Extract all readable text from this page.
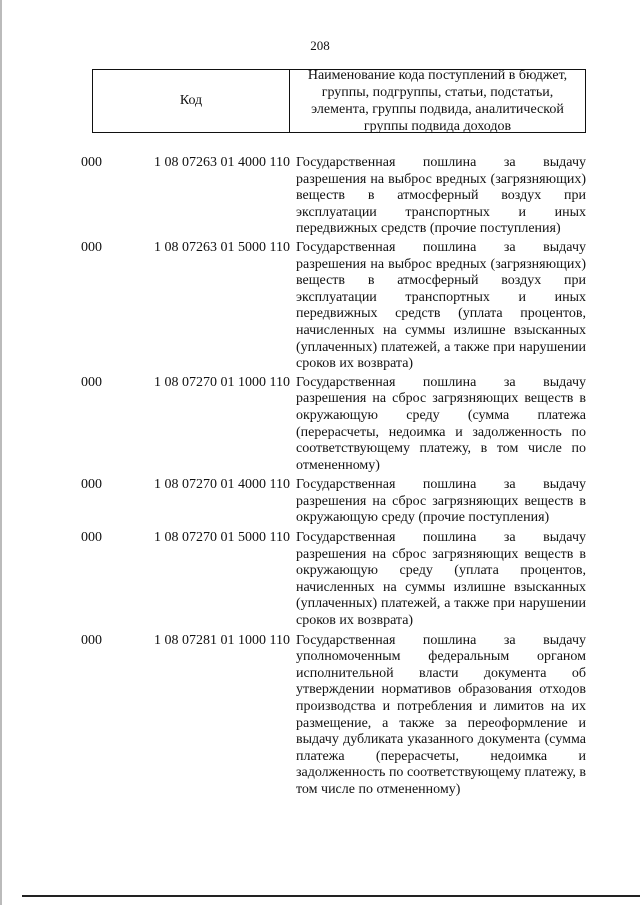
208
Код
Наименование кода поступлений в бюджет, группы, подгруппы, статьи, подстатьи, элемента, группы подвида, аналитической группы подвида доходов
000	1 08 07263 01 4000 110 Государственная пошлина за выдачу разрешения на выброс вредных (загрязняющих) веществ в атмосферный воздух при эксплуатации транспортных и иных передвижных средств (прочие поступления)
000	1 08 07263 01 5000 110 Государственная пошлина за выдачу разрешения на выброс вредных (загрязняющих) веществ в атмосферный воздух при эксплуатации транспортных и иных передвижных средств (уплата процентов, начисленных на суммы излишне взысканных (уплаченных) платежей, а также при нарушении сроков их возврата)
000	1 08 07270 01 1000 110 Государственная пошлина за выдачу разрешения на сброс загрязняющих веществ в окружающую среду (сумма платежа (перерасчеты, недоимка и задолженность по соответствующему платежу, в том числе по отмененному)
000	1 08 07270 01 4000 110 Государственная пошлина за выдачу разрешения на сброс загрязняющих веществ в окружающую среду (прочие поступления)
000	1 08 07270 01 5000 110 Государственная пошлина за выдачу разрешения на сброс загрязняющих веществ в окружающую среду (уплата процентов, начисленных на суммы излишне взысканных (уплаченных) платежей, а также при нарушении сроков их возврата)
000	1 08 07281 01 1000 110 Государственная пошлина за выдачу уполномоченным федеральным органом исполнительной власти документа об утверждении нормативов образования отходов производства и потребления и лимитов на их размещение, а также за переоформление и выдачу дубликата указанного документа (сумма платежа (перерасчеты, недоимка и задолженность по соответствующему платежу, в том числе по отмененному)
